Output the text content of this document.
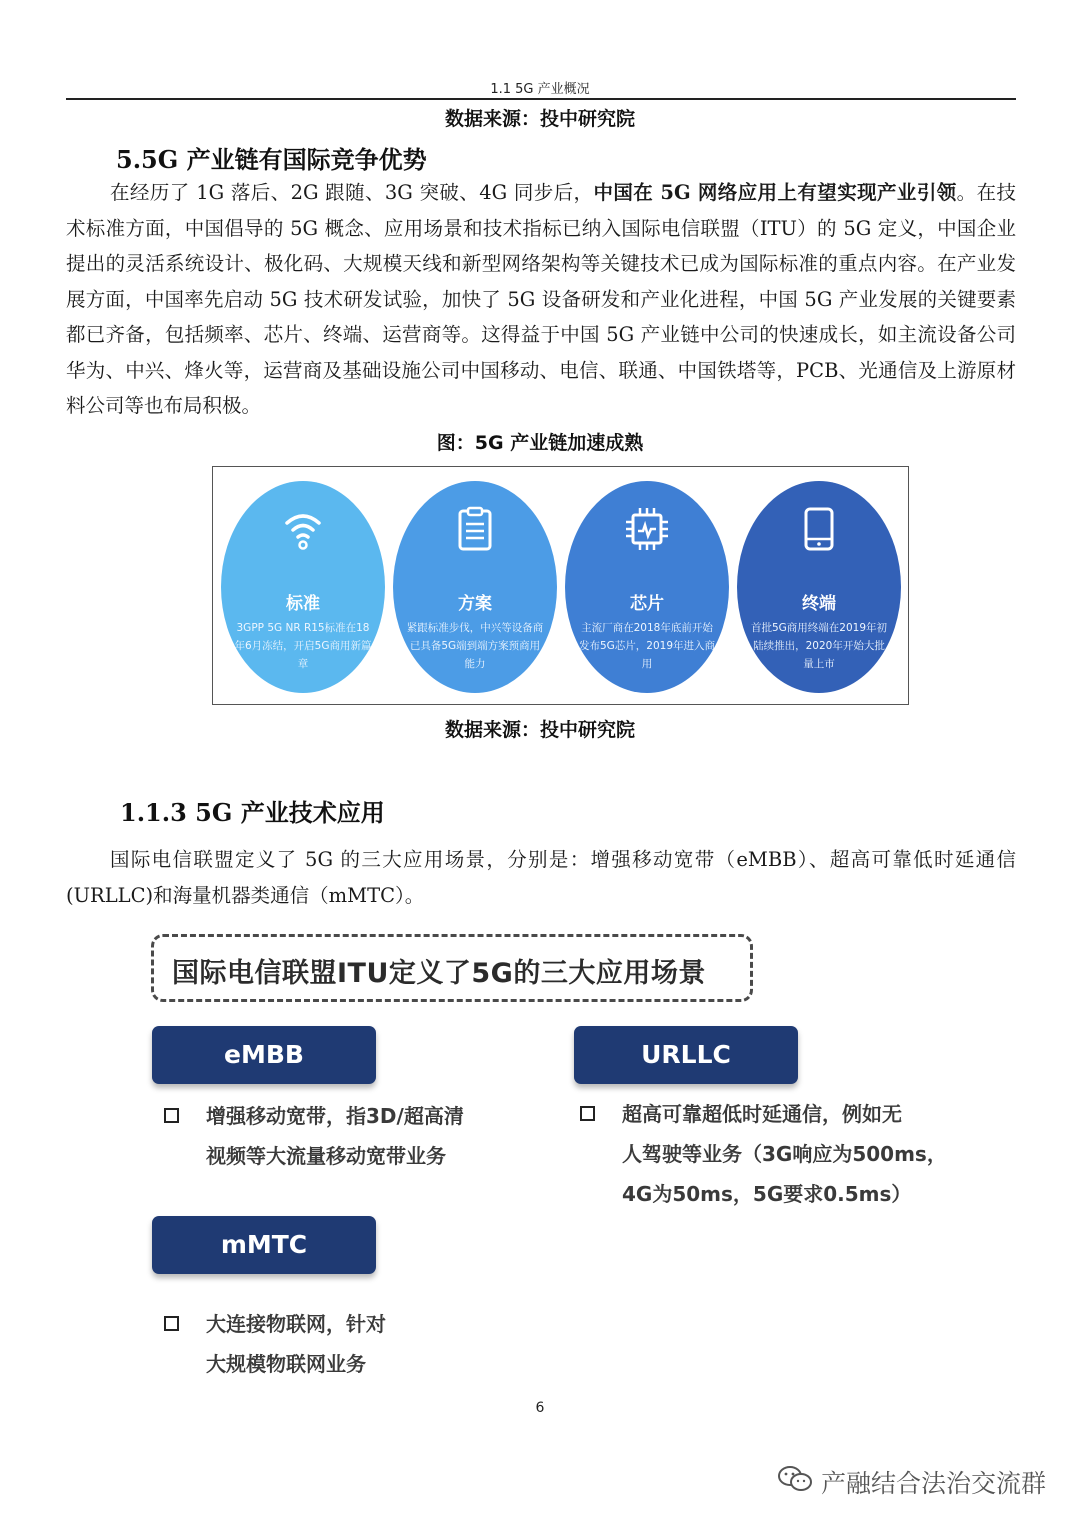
1.1 5G 产业概况
数据来源：投中研究院
5.5G 产业链有国际竞争优势
在经历了 1G 落后、2G 跟随、3G 突破、4G 同步后，中国在 5G 网络应用上有望实现产业引领。在技术标准方面，中国倡导的 5G 概念、应用场景和技术指标已纳入国际电信联盟（ITU）的 5G 定义，中国企业提出的灵活系统设计、极化码、大规模天线和新型网络架构等关键技术已成为国际标准的重点内容。在产业发展方面，中国率先启动 5G 技术研发试验，加快了 5G 设备研发和产业化进程，中国 5G 产业发展的关键要素都已齐备，包括频率、芯片、终端、运营商等。这得益于中国 5G 产业链中公司的快速成长，如主流设备公司华为、中兴、烽火等，运营商及基础设施公司中国移动、电信、联通、中国铁塔等，PCB、光通信及上游原材料公司等也布局积极。
图：5G 产业链加速成熟
标准
3GPP 5G NR R15标准在18年6月冻结，开启5G商用新篇章
方案
紧跟标准步伐，中兴等设备商已具备5G端到端方案预商用能力
芯片
主流厂商在2018年底前开始发布5G芯片，2019年进入商用
终端
首批5G商用终端在2019年初陆续推出，2020年开始大批量上市
数据来源：投中研究院
1.1.3 5G 产业技术应用
国际电信联盟定义了 5G 的三大应用场景，分别是：增强移动宽带（eMBB）、超高可靠低时延通信(URLLC)和海量机器类通信（mMTC）。
国际电信联盟ITU定义了5G的三大应用场景
eMBB	URLLC
mMTC
增强移动宽带，指3D/超高清
视频等大流量移动宽带业务
超高可靠超低时延通信，例如无
人驾驶等业务（3G响应为500ms，
4G为50ms，5G要求0.5ms）
大连接物联网，针对
大规模物联网业务
6
产融结合法治交流群
